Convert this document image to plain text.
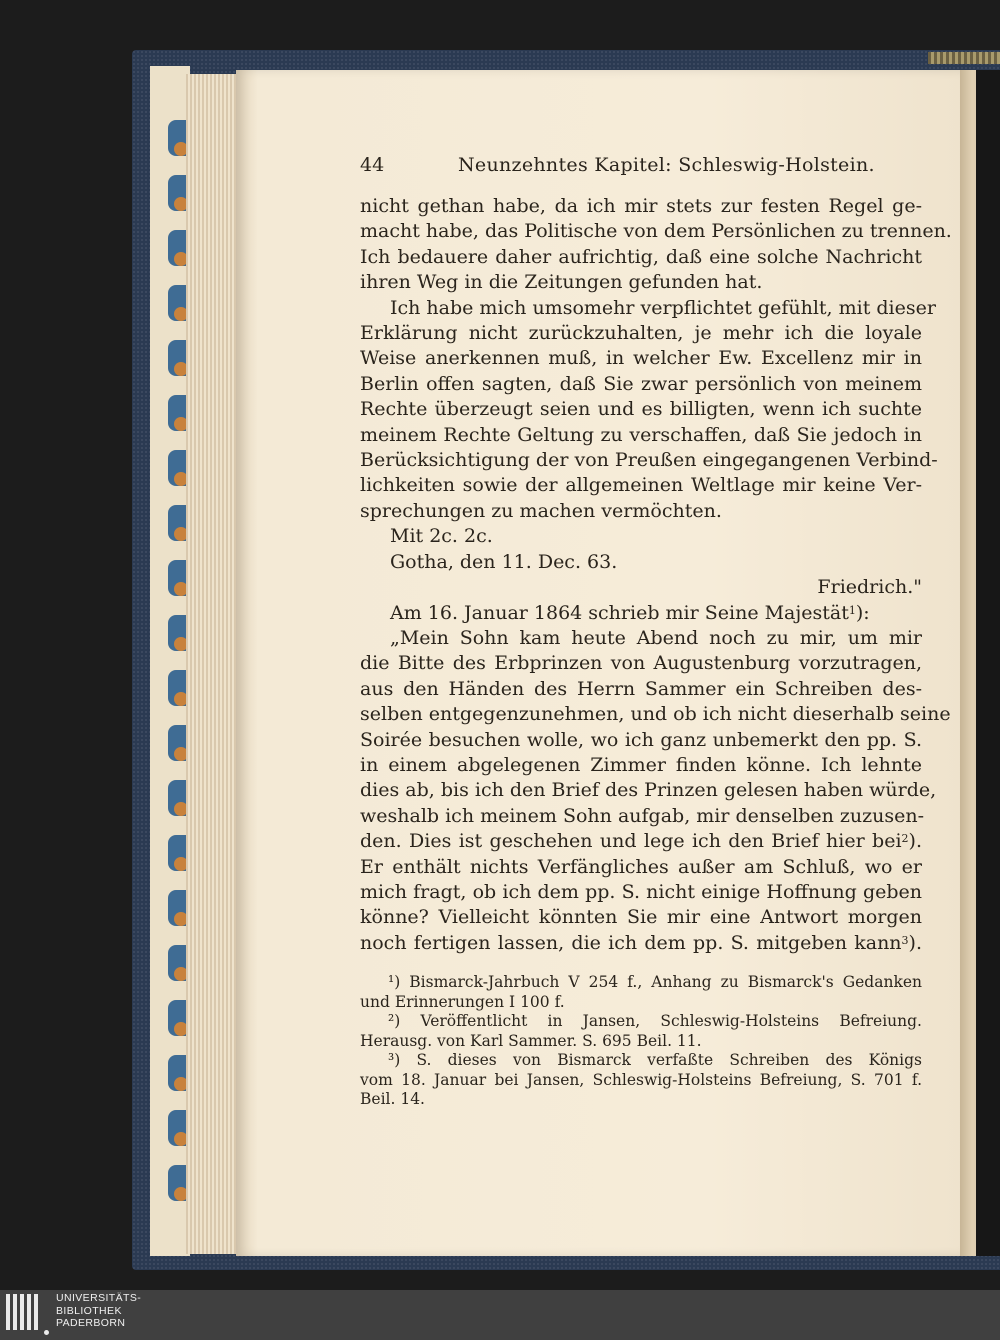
44	Neunzehntes Kapitel: Schleswig-Holstein.
nicht gethan habe, da ich mir stets zur festen Regel ge-
macht habe, das Politische von dem Persönlichen zu trennen.
Ich bedauere daher aufrichtig, daß eine solche Nachricht
ihren Weg in die Zeitungen gefunden hat.
Ich habe mich umsomehr verpflichtet gefühlt, mit dieser
Erklärung nicht zurückzuhalten, je mehr ich die loyale
Weise anerkennen muß, in welcher Ew. Excellenz mir in
Berlin offen sagten, daß Sie zwar persönlich von meinem
Rechte überzeugt seien und es billigten, wenn ich suchte
meinem Rechte Geltung zu verschaffen, daß Sie jedoch in
Berücksichtigung der von Preußen eingegangenen Verbind-
lichkeiten sowie der allgemeinen Weltlage mir keine Ver-
sprechungen zu machen vermöchten.
Mit 2c. 2c.
Gotha, den 11. Dec. 63.
Friedrich."
Am 16. Januar 1864 schrieb mir Seine Majestät$^1$):
„Mein Sohn kam heute Abend noch zu mir, um mir
die Bitte des Erbprinzen von Augustenburg vorzutragen,
aus den Händen des Herrn Sammer ein Schreiben des-
selben entgegenzunehmen, und ob ich nicht dieserhalb seine
Soirée besuchen wolle, wo ich ganz unbemerkt den pp. S.
in einem abgelegenen Zimmer finden könne. Ich lehnte
dies ab, bis ich den Brief des Prinzen gelesen haben würde,
weshalb ich meinem Sohn aufgab, mir denselben zuzusen-
den. Dies ist geschehen und lege ich den Brief hier bei$^2$).
Er enthält nichts Verfängliches außer am Schluß, wo er
mich fragt, ob ich dem pp. S. nicht einige Hoffnung geben
könne? Vielleicht könnten Sie mir eine Antwort morgen
noch fertigen lassen, die ich dem pp. S. mitgeben kann$^3$).
¹) Bismarck-Jahrbuch V 254 f., Anhang zu Bismarck's Gedanken
und Erinnerungen I 100 f.
²) Veröffentlicht in Jansen, Schleswig-Holsteins Befreiung.
Herausg. von Karl Sammer. S. 695 Beil. 11.
³) S. dieses von Bismarck verfaßte Schreiben des Königs
vom 18. Januar bei Jansen, Schleswig-Holsteins Befreiung, S. 701 f.
Beil. 14.
UNIVERSITÄTS-
BIBLIOTHEK
PADERBORN
